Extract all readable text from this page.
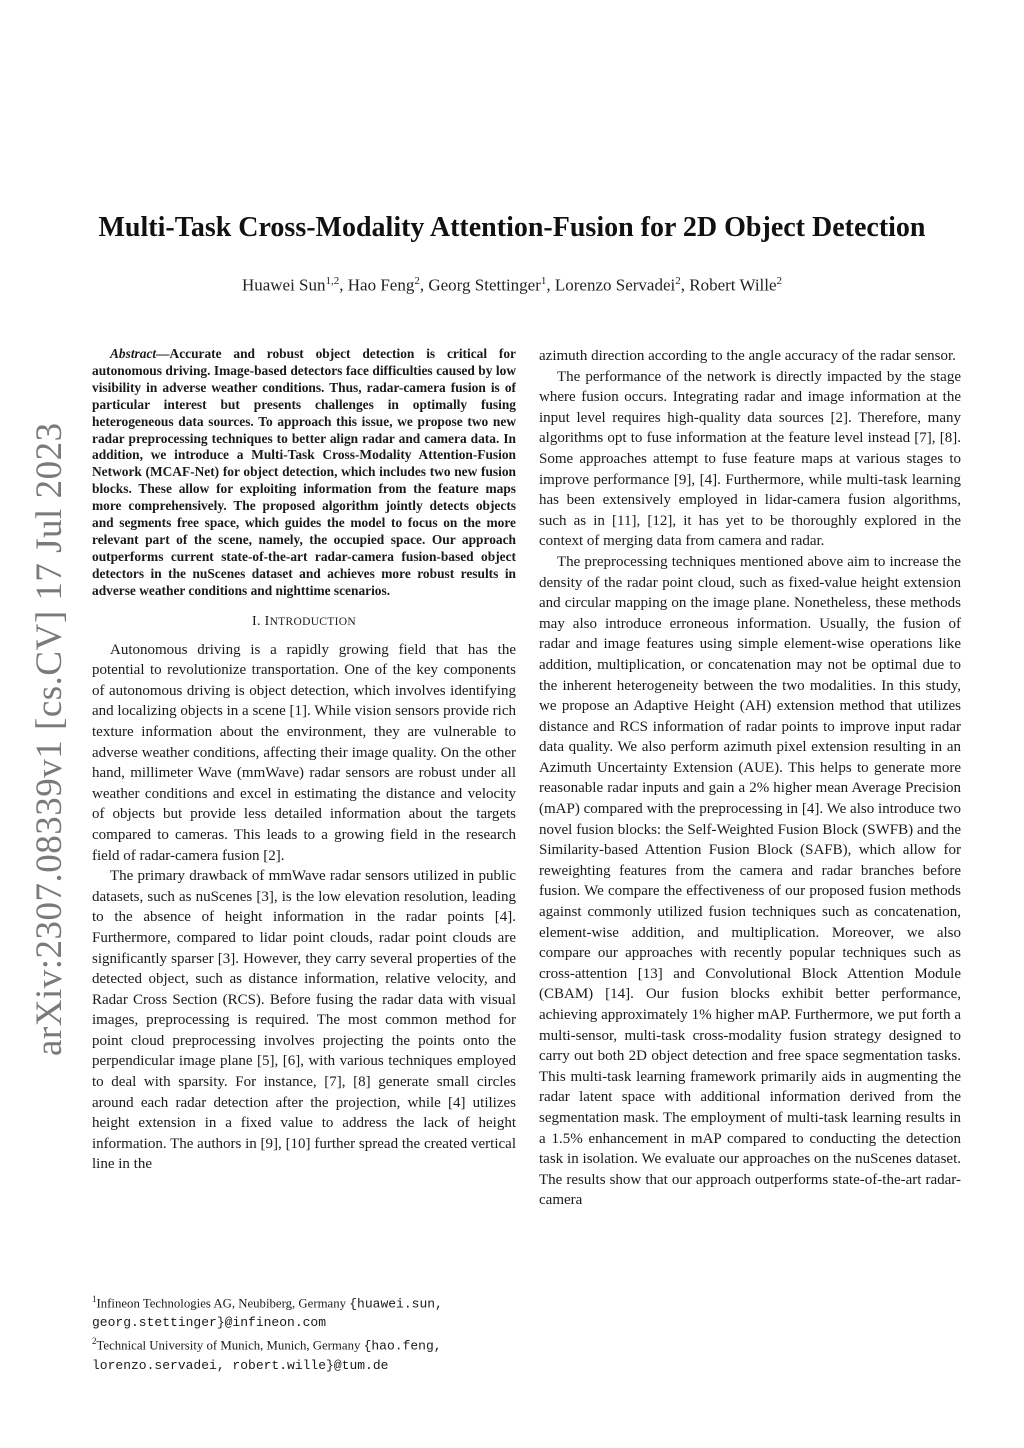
arXiv:2307.08339v1 [cs.CV] 17 Jul 2023
Multi-Task Cross-Modality Attention-Fusion for 2D Object Detection
Huawei Sun$^{1,2}$, Hao Feng$^2$, Georg Stettinger$^1$, Lorenzo Servadei$^2$, Robert Wille$^2$
Abstract—Accurate and robust object detection is critical for autonomous driving. Image-based detectors face difficulties caused by low visibility in adverse weather conditions. Thus, radar-camera fusion is of particular interest but presents challenges in optimally fusing heterogeneous data sources. To approach this issue, we propose two new radar preprocessing techniques to better align radar and camera data. In addition, we introduce a Multi-Task Cross-Modality Attention-Fusion Network (MCAF-Net) for object detection, which includes two new fusion blocks. These allow for exploiting information from the feature maps more comprehensively. The proposed algorithm jointly detects objects and segments free space, which guides the model to focus on the more relevant part of the scene, namely, the occupied space. Our approach outperforms current state-of-the-art radar-camera fusion-based object detectors in the nuScenes dataset and achieves more robust results in adverse weather conditions and nighttime scenarios.
I. INTRODUCTION

Autonomous driving is a rapidly growing field that has the potential to revolutionize transportation. One of the key components of autonomous driving is object detection, which involves identifying and localizing objects in a scene [1]. While vision sensors provide rich texture information about the environment, they are vulnerable to adverse weather conditions, affecting their image quality. On the other hand, millimeter Wave (mmWave) radar sensors are robust under all weather conditions and excel in estimating the distance and velocity of objects but provide less detailed information about the targets compared to cameras. This leads to a growing field in the research field of radar-camera fusion [2].

The primary drawback of mmWave radar sensors utilized in public datasets, such as nuScenes [3], is the low elevation resolution, leading to the absence of height information in the radar points [4]. Furthermore, compared to lidar point clouds, radar point clouds are significantly sparser [3]. However, they carry several properties of the detected object, such as distance information, relative velocity, and Radar Cross Section (RCS). Before fusing the radar data with visual images, preprocessing is required. The most common method for point cloud preprocessing involves projecting the points onto the perpendicular image plane [5], [6], with various techniques employed to deal with sparsity. For instance, [7], [8] generate small circles around each radar detection after the projection, while [4] utilizes height extension in a fixed value to address the lack of height information. The authors in [9], [10] further spread the created vertical line in the

azimuth direction according to the angle accuracy of the radar sensor.

The performance of the network is directly impacted by the stage where fusion occurs. Integrating radar and image information at the input level requires high-quality data sources [2]. Therefore, many algorithms opt to fuse information at the feature level instead [7], [8]. Some approaches attempt to fuse feature maps at various stages to improve performance [9], [4]. Furthermore, while multi-task learning has been extensively employed in lidar-camera fusion algorithms, such as in [11], [12], it has yet to be thoroughly explored in the context of merging data from camera and radar.

The preprocessing techniques mentioned above aim to increase the density of the radar point cloud, such as fixed-value height extension and circular mapping on the image plane. Nonetheless, these methods may also introduce erroneous information. Usually, the fusion of radar and image features using simple element-wise operations like addition, multiplication, or concatenation may not be optimal due to the inherent heterogeneity between the two modalities. In this study, we propose an Adaptive Height (AH) extension method that utilizes distance and RCS information of radar points to improve input radar data quality. We also perform azimuth pixel extension resulting in an Azimuth Uncertainty Extension (AUE). This helps to generate more reasonable radar inputs and gain a 2% higher mean Average Precision (mAP) compared with the preprocessing in [4]. We also introduce two novel fusion blocks: the Self-Weighted Fusion Block (SWFB) and the Similarity-based Attention Fusion Block (SAFB), which allow for reweighting features from the camera and radar branches before fusion. We compare the effectiveness of our proposed fusion methods against commonly utilized fusion techniques such as concatenation, element-wise addition, and multiplication. Moreover, we also compare our approaches with recently popular techniques such as cross-attention [13] and Convolutional Block Attention Module (CBAM) [14]. Our fusion blocks exhibit better performance, achieving approximately 1% higher mAP. Furthermore, we put forth a multi-sensor, multi-task cross-modality fusion strategy designed to carry out both 2D object detection and free space segmentation tasks. This multi-task learning framework primarily aids in augmenting the radar latent space with additional information derived from the segmentation mask. The employment of multi-task learning results in a 1.5% enhancement in mAP compared to conducting the detection task in isolation. We evaluate our approaches on the nuScenes dataset. The results show that our approach outperforms state-of-the-art radar-camera

$^1$Infineon Technologies AG, Neubiberg, Germany {huawei.sun, georg.stettinger}@infineon.com
$^2$Technical University of Munich, Munich, Germany {hao.feng, lorenzo.servadei, robert.wille}@tum.de
